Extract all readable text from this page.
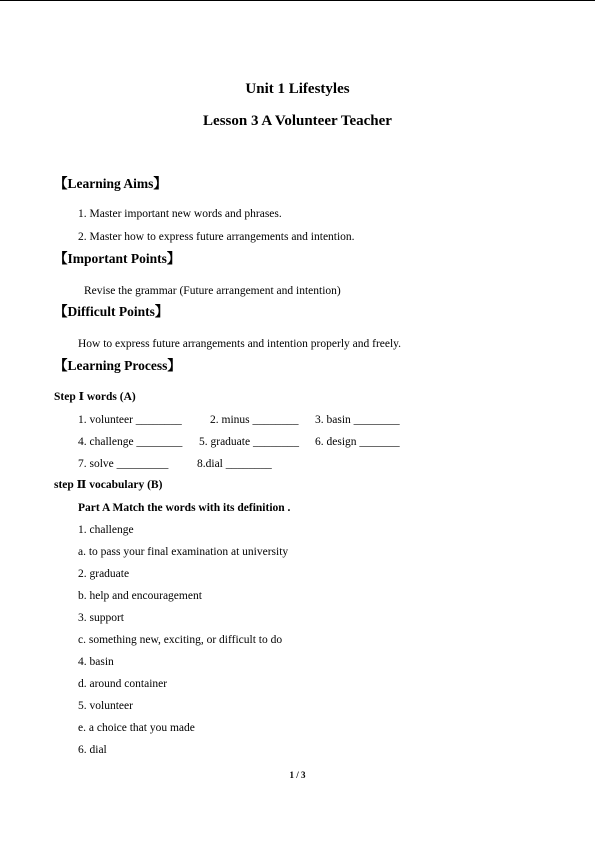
Unit 1 Lifestyles
Lesson 3 A Volunteer Teacher
【Learning Aims】
1. Master important new words and phrases.
2. Master how to express future arrangements and intention.
【Important Points】
Revise the grammar (Future arrangement and intention)
【Difficult Points】
How to express future arrangements and intention properly and freely.
【Learning Process】
Step Ⅰ words (A)
1. volunteer ________ 2. minus ________ 3. basin ________
4. challenge ________ 5. graduate ________ 6. design _______
7. solve _________ 8.dial ________
step Ⅱ vocabulary (B)
Part A Match the words with its definition .
1. challenge
a. to pass your final examination at university
2. graduate
b. help and encouragement
3. support
c. something new, exciting, or difficult to do
4. basin
d. around container
5. volunteer
e. a choice that you made
6. dial
1 / 3
